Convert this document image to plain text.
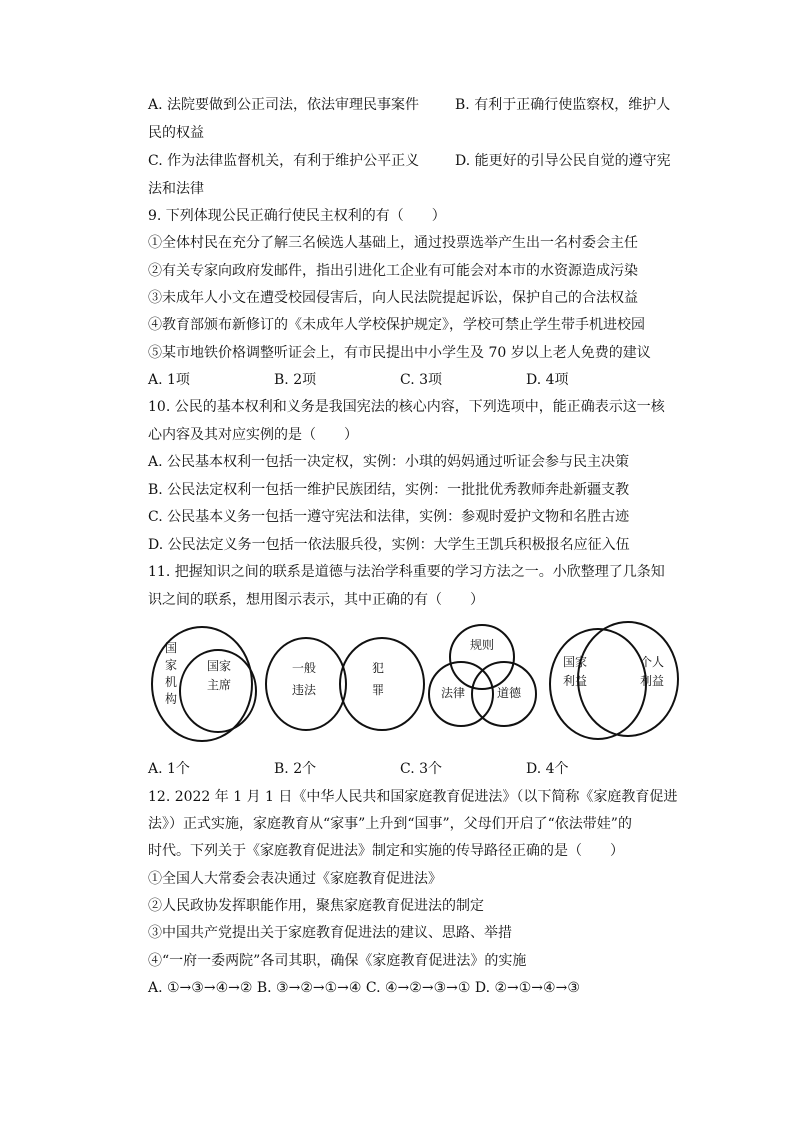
A. 法院要做到公正司法，依法审理民事案件	B. 有利于正确行使监察权，维护人
民的权益
C. 作为法律监督机关，有利于维护公平正义	D. 能更好的引导公民自觉的遵守宪
法和法律
9. 下列体现公民正确行使民主权利的有（　　）
①全体村民在充分了解三名候选人基础上，通过投票选举产生出一名村委会主任
②有关专家向政府发邮件，指出引进化工企业有可能会对本市的水资源造成污染
③未成年人小文在遭受校园侵害后，向人民法院提起诉讼，保护自己的合法权益
④教育部颁布新修订的《未成年人学校保护规定》，学校可禁止学生带手机进校园
⑤某市地铁价格调整听证会上，有市民提出中小学生及 70 岁以上老人免费的建议
A. 1项	B. 2项	C. 3项	D. 4项
10. 公民的基本权利和义务是我国宪法的核心内容，下列选项中，能正确表示这一核
心内容及其对应实例的是（　　）
A. 公民基本权利一包括一决定权，实例：小琪的妈妈通过听证会参与民主决策
B. 公民法定权利一包括一维护民族团结，实例：一批批优秀教师奔赴新疆支教
C. 公民基本义务一包括一遵守宪法和法律，实例：参观时爱护文物和名胜古迹
D. 公民法定义务一包括一依法服兵役，实例：大学生王凯兵积极报名应征入伍
11. 把握知识之间的联系是道德与法治学科重要的学习方法之一。小欣整理了几条知
识之间的联系，想用图示表示，其中正确的有（　　）
国
家
机
构
国家
主席
一般
违法
犯
罪
规则
法律	道德
国家
利益
个人
利益
A. 1个	B. 2个	C. 3个	D. 4个
12. 2022 年 1 月 1 日《中华人民共和国家庭教育促进法》（以下简称《家庭教育促进
法》）正式实施，家庭教育从“家事”上升到“国事”，父母们开启了“依法带娃”的
时代。下列关于《家庭教育促进法》制定和实施的传导路径正确的是（　　）
①全国人大常委会表决通过《家庭教育促进法》
②人民政协发挥职能作用，聚焦家庭教育促进法的制定
③中国共产党提出关于家庭教育促进法的建议、思路、举措
④“一府一委两院”各司其职，确保《家庭教育促进法》的实施
A. ①→③→④→② B. ③→②→①→④ C. ④→②→③→① D. ②→①→④→③
